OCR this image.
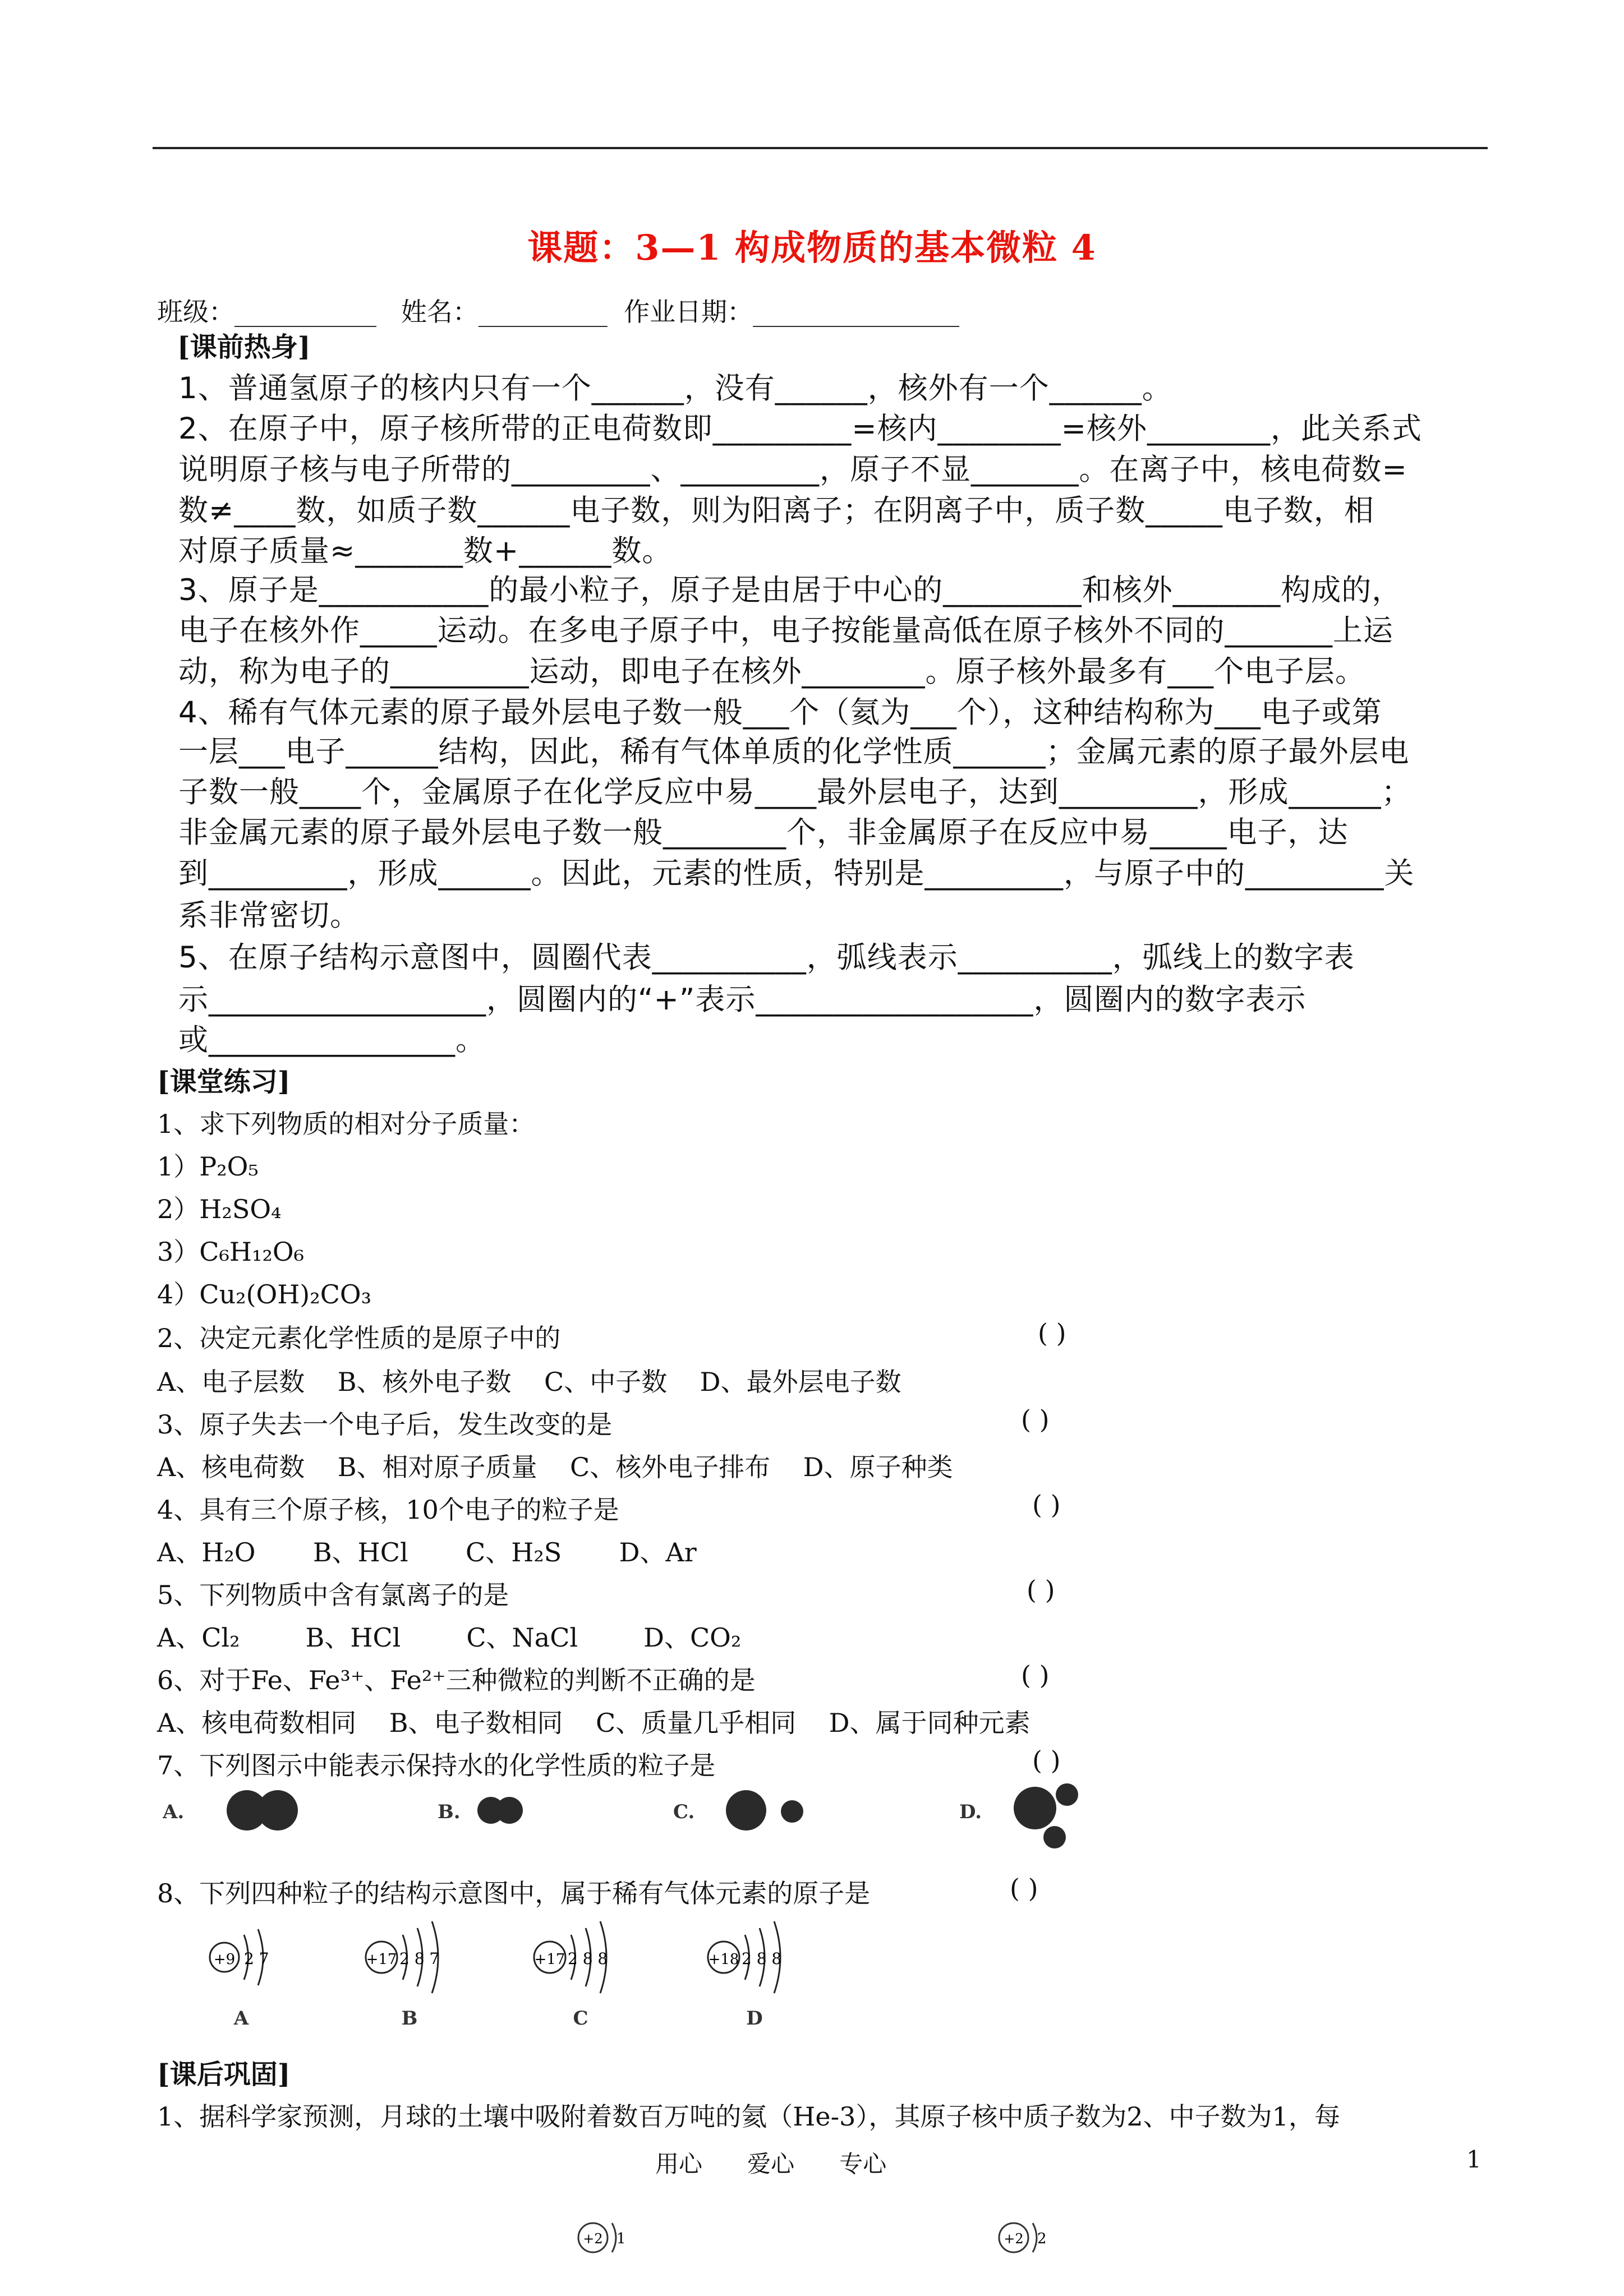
课题：3—1 构成物质的基本微粒 4
班级：___________   姓名：__________  作业日期：________________
[课前热身]
1、普通氢原子的核内只有一个______，没有______，核外有一个______。
2、在原子中，原子核所带的正电荷数即_________=核内________=核外________，此关系式
说明原子核与电子所带的_________、_________，原子不显_______。在离子中，核电荷数=
数≠____数，如质子数______电子数，则为阳离子；在阴离子中，质子数_____电子数，相
对原子质量≈_______数+______数。
3、原子是___________的最小粒子，原子是由居于中心的_________和核外_______构成的，
电子在核外作_____运动。在多电子原子中，电子按能量高低在原子核外不同的_______上运
动，称为电子的_________运动，即电子在核外________。原子核外最多有___个电子层。
4、稀有气体元素的原子最外层电子数一般___个（氦为___个），这种结构称为___电子或第
一层___电子______结构，因此，稀有气体单质的化学性质______；金属元素的原子最外层电
子数一般____个，金属原子在化学反应中易____最外层电子，达到_________，形成______；
非金属元素的原子最外层电子数一般________个，非金属原子在反应中易_____电子，达
到_________，形成______。因此，元素的性质，特别是_________，与原子中的_________关
系非常密切。
5、在原子结构示意图中，圆圈代表__________，弧线表示__________，弧线上的数字表
示__________________，圆圈内的“+”表示__________________，圆圈内的数字表示
或________________。
[课堂练习]
1、求下列物质的相对分子质量：
1）P₂O₅
2）H₂SO₄
3）C₆H₁₂O₆
4）Cu₂(OH)₂CO₃
2、决定元素化学性质的是原子中的	( )
A、电子层数    B、核外电子数    C、中子数    D、最外层电子数
3、原子失去一个电子后，发生改变的是	( )
A、核电荷数    B、相对原子质量    C、核外电子排布    D、原子种类
4、具有三个原子核，10个电子的粒子是	( )
A、H₂O       B、HCl       C、H₂S       D、Ar
5、下列物质中含有氯离子的是	( )
A、Cl₂        B、HCl        C、NaCl        D、CO₂
6、对于Fe、Fe³⁺、Fe²⁺三种微粒的判断不正确的是	( )
A、核电荷数相同    B、电子数相同    C、质量几乎相同    D、属于同种元素
7、下列图示中能表示保持水的化学性质的粒子是	( )
A.	B.	C.	D.
8、下列四种粒子的结构示意图中，属于稀有气体元素的原子是	( )
+9 2 7
A
+17 2 8 7
B
+17 2 8 8
C
+18 2 8 8
D
[课后巩固]
1、据科学家预测，月球的土壤中吸附着数百万吨的氦（He-3），其原子核中质子数为2、中子数为1，每
用心      爱心      专心	1
+2 1	+2 2
